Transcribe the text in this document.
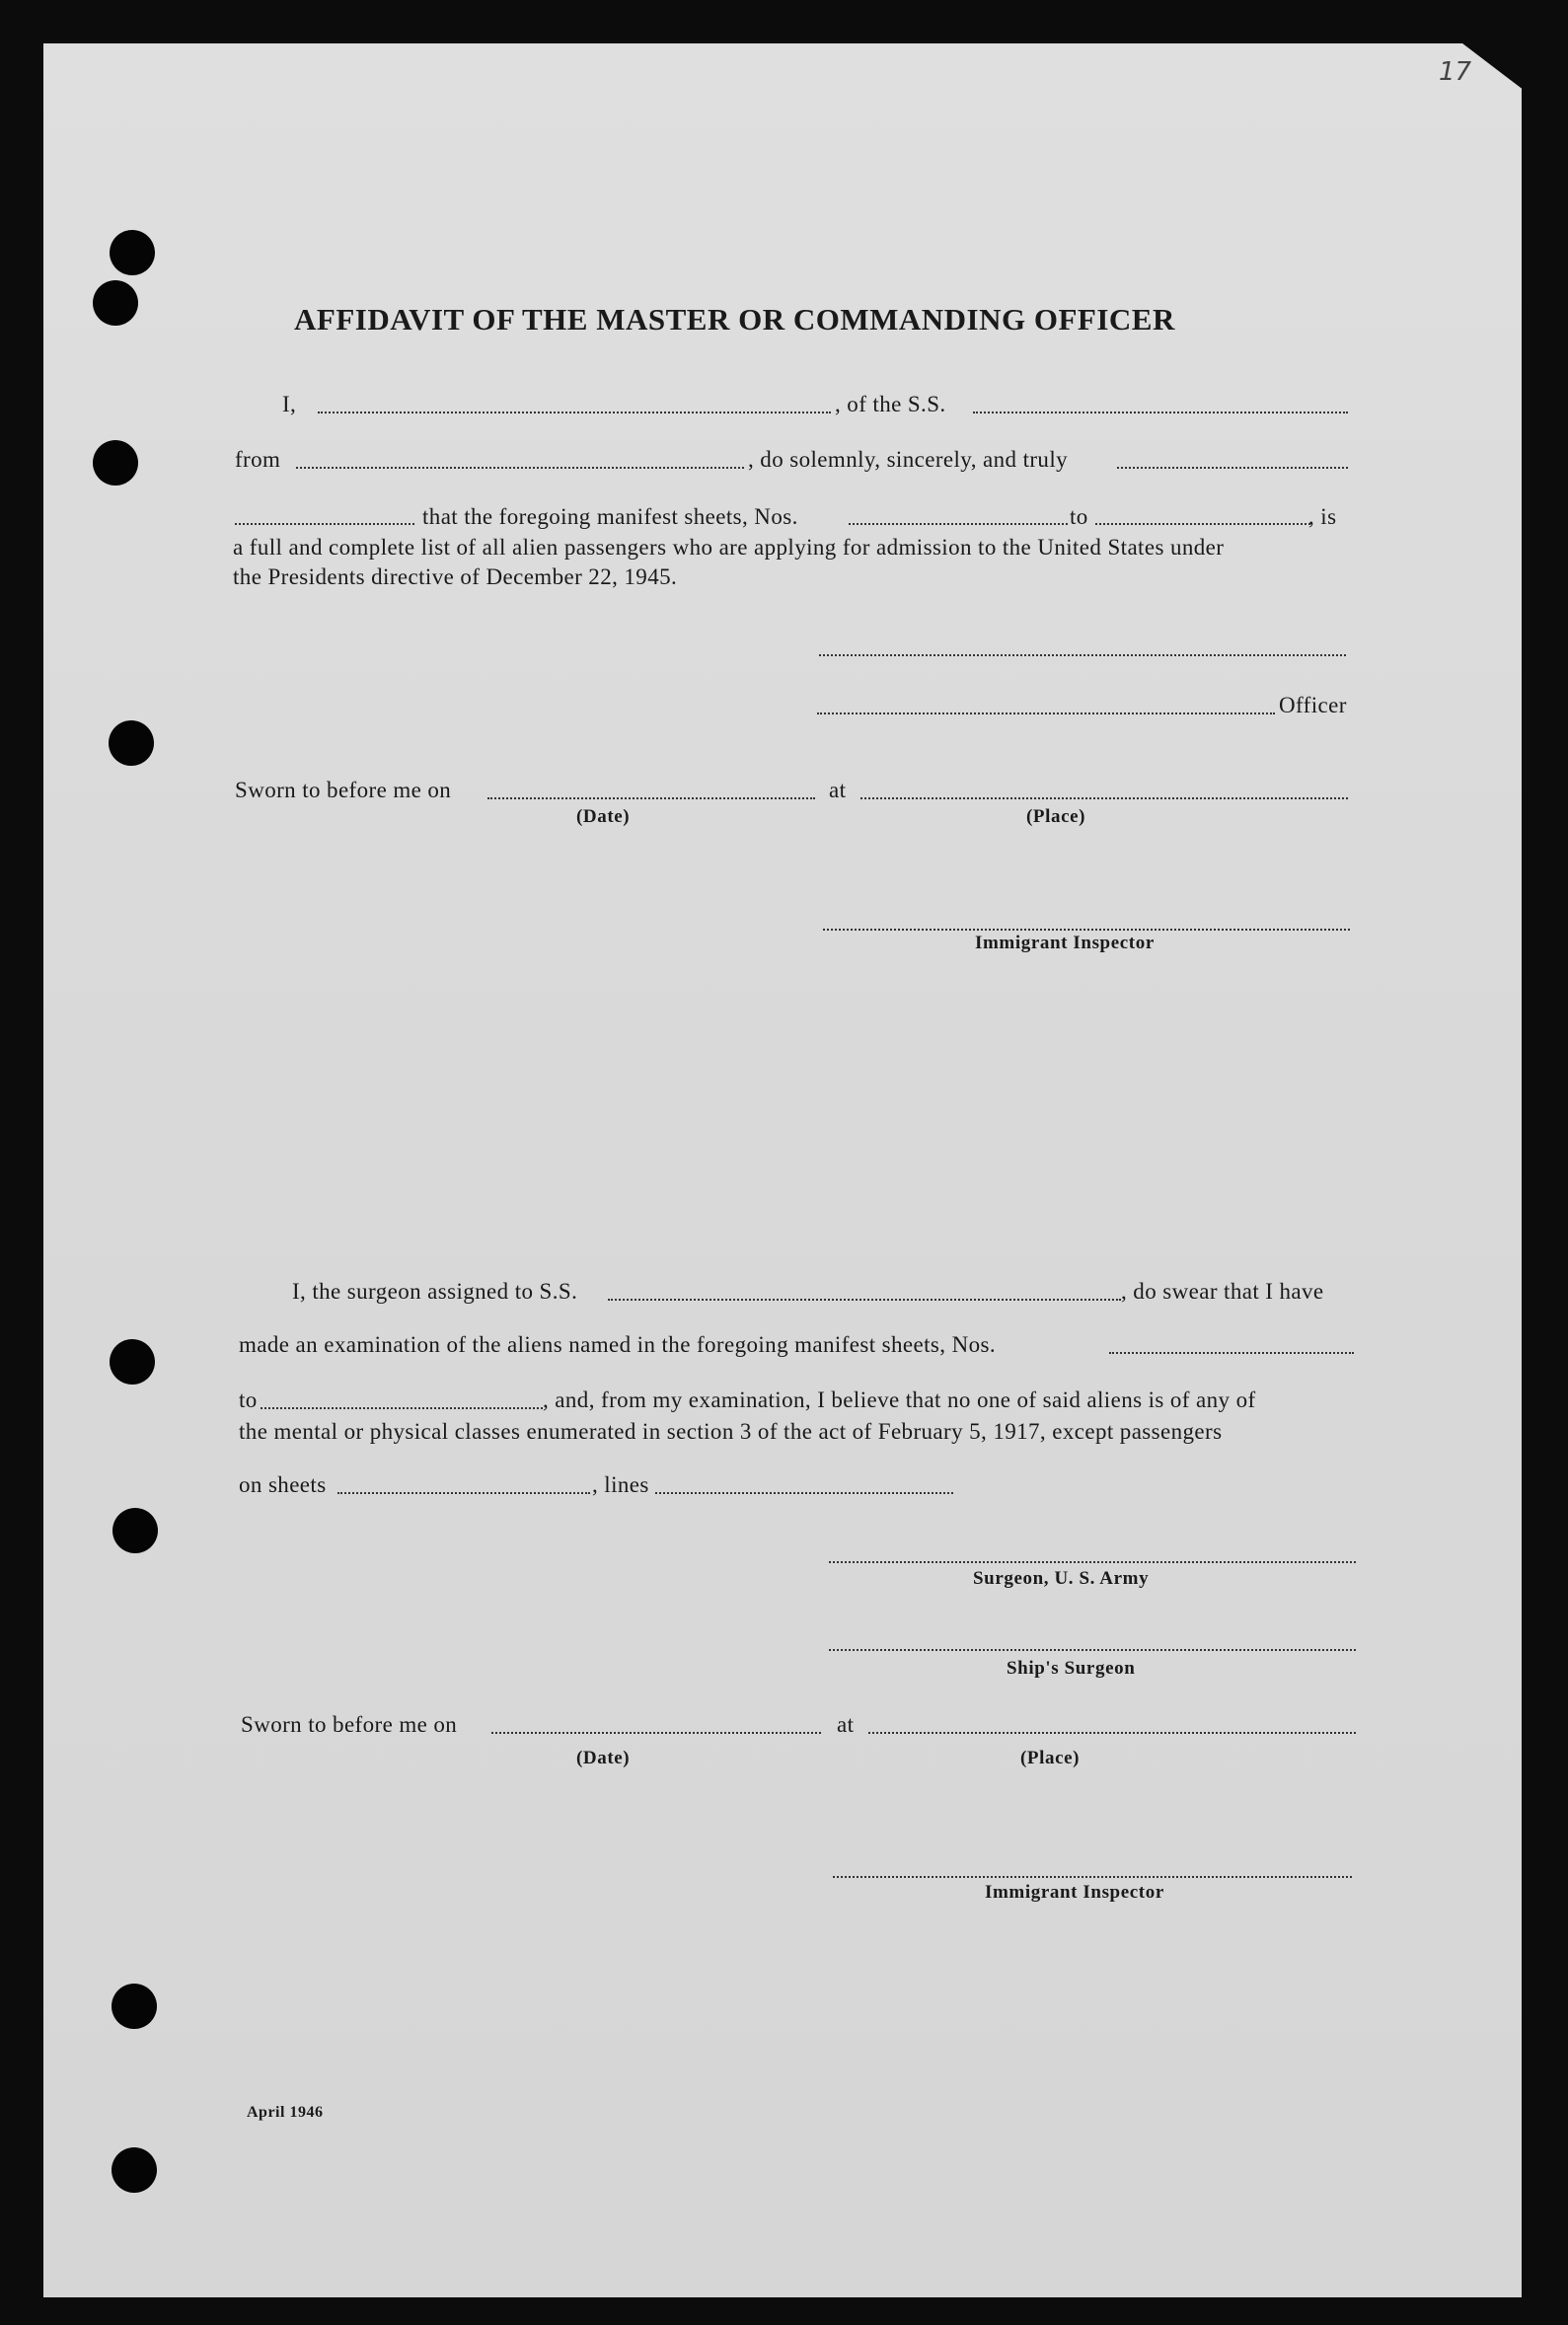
17
AFFIDAVIT OF THE MASTER OR COMMANDING OFFICER
I,	, of the S.S.
from	, do solemnly, sincerely, and truly
that the foregoing manifest sheets, Nos.	to	, is
a full and complete list of all alien passengers who are applying for admission to the United States under
the Presidents directive of December 22, 1945.
Officer
Sworn to before me on	at
(Date)	(Place)
Immigrant Inspector
I, the surgeon assigned to S.S.	, do swear that I have
made an examination of the aliens named in the foregoing manifest sheets, Nos.
to	, and, from my examination, I believe that no one of said aliens is of any of
the mental or physical classes enumerated in section 3 of the act of February 5, 1917, except passengers
on sheets	, lines
Surgeon, U. S. Army
Ship's Surgeon
Sworn to before me on	at
(Date)	(Place)
Immigrant Inspector
April 1946
